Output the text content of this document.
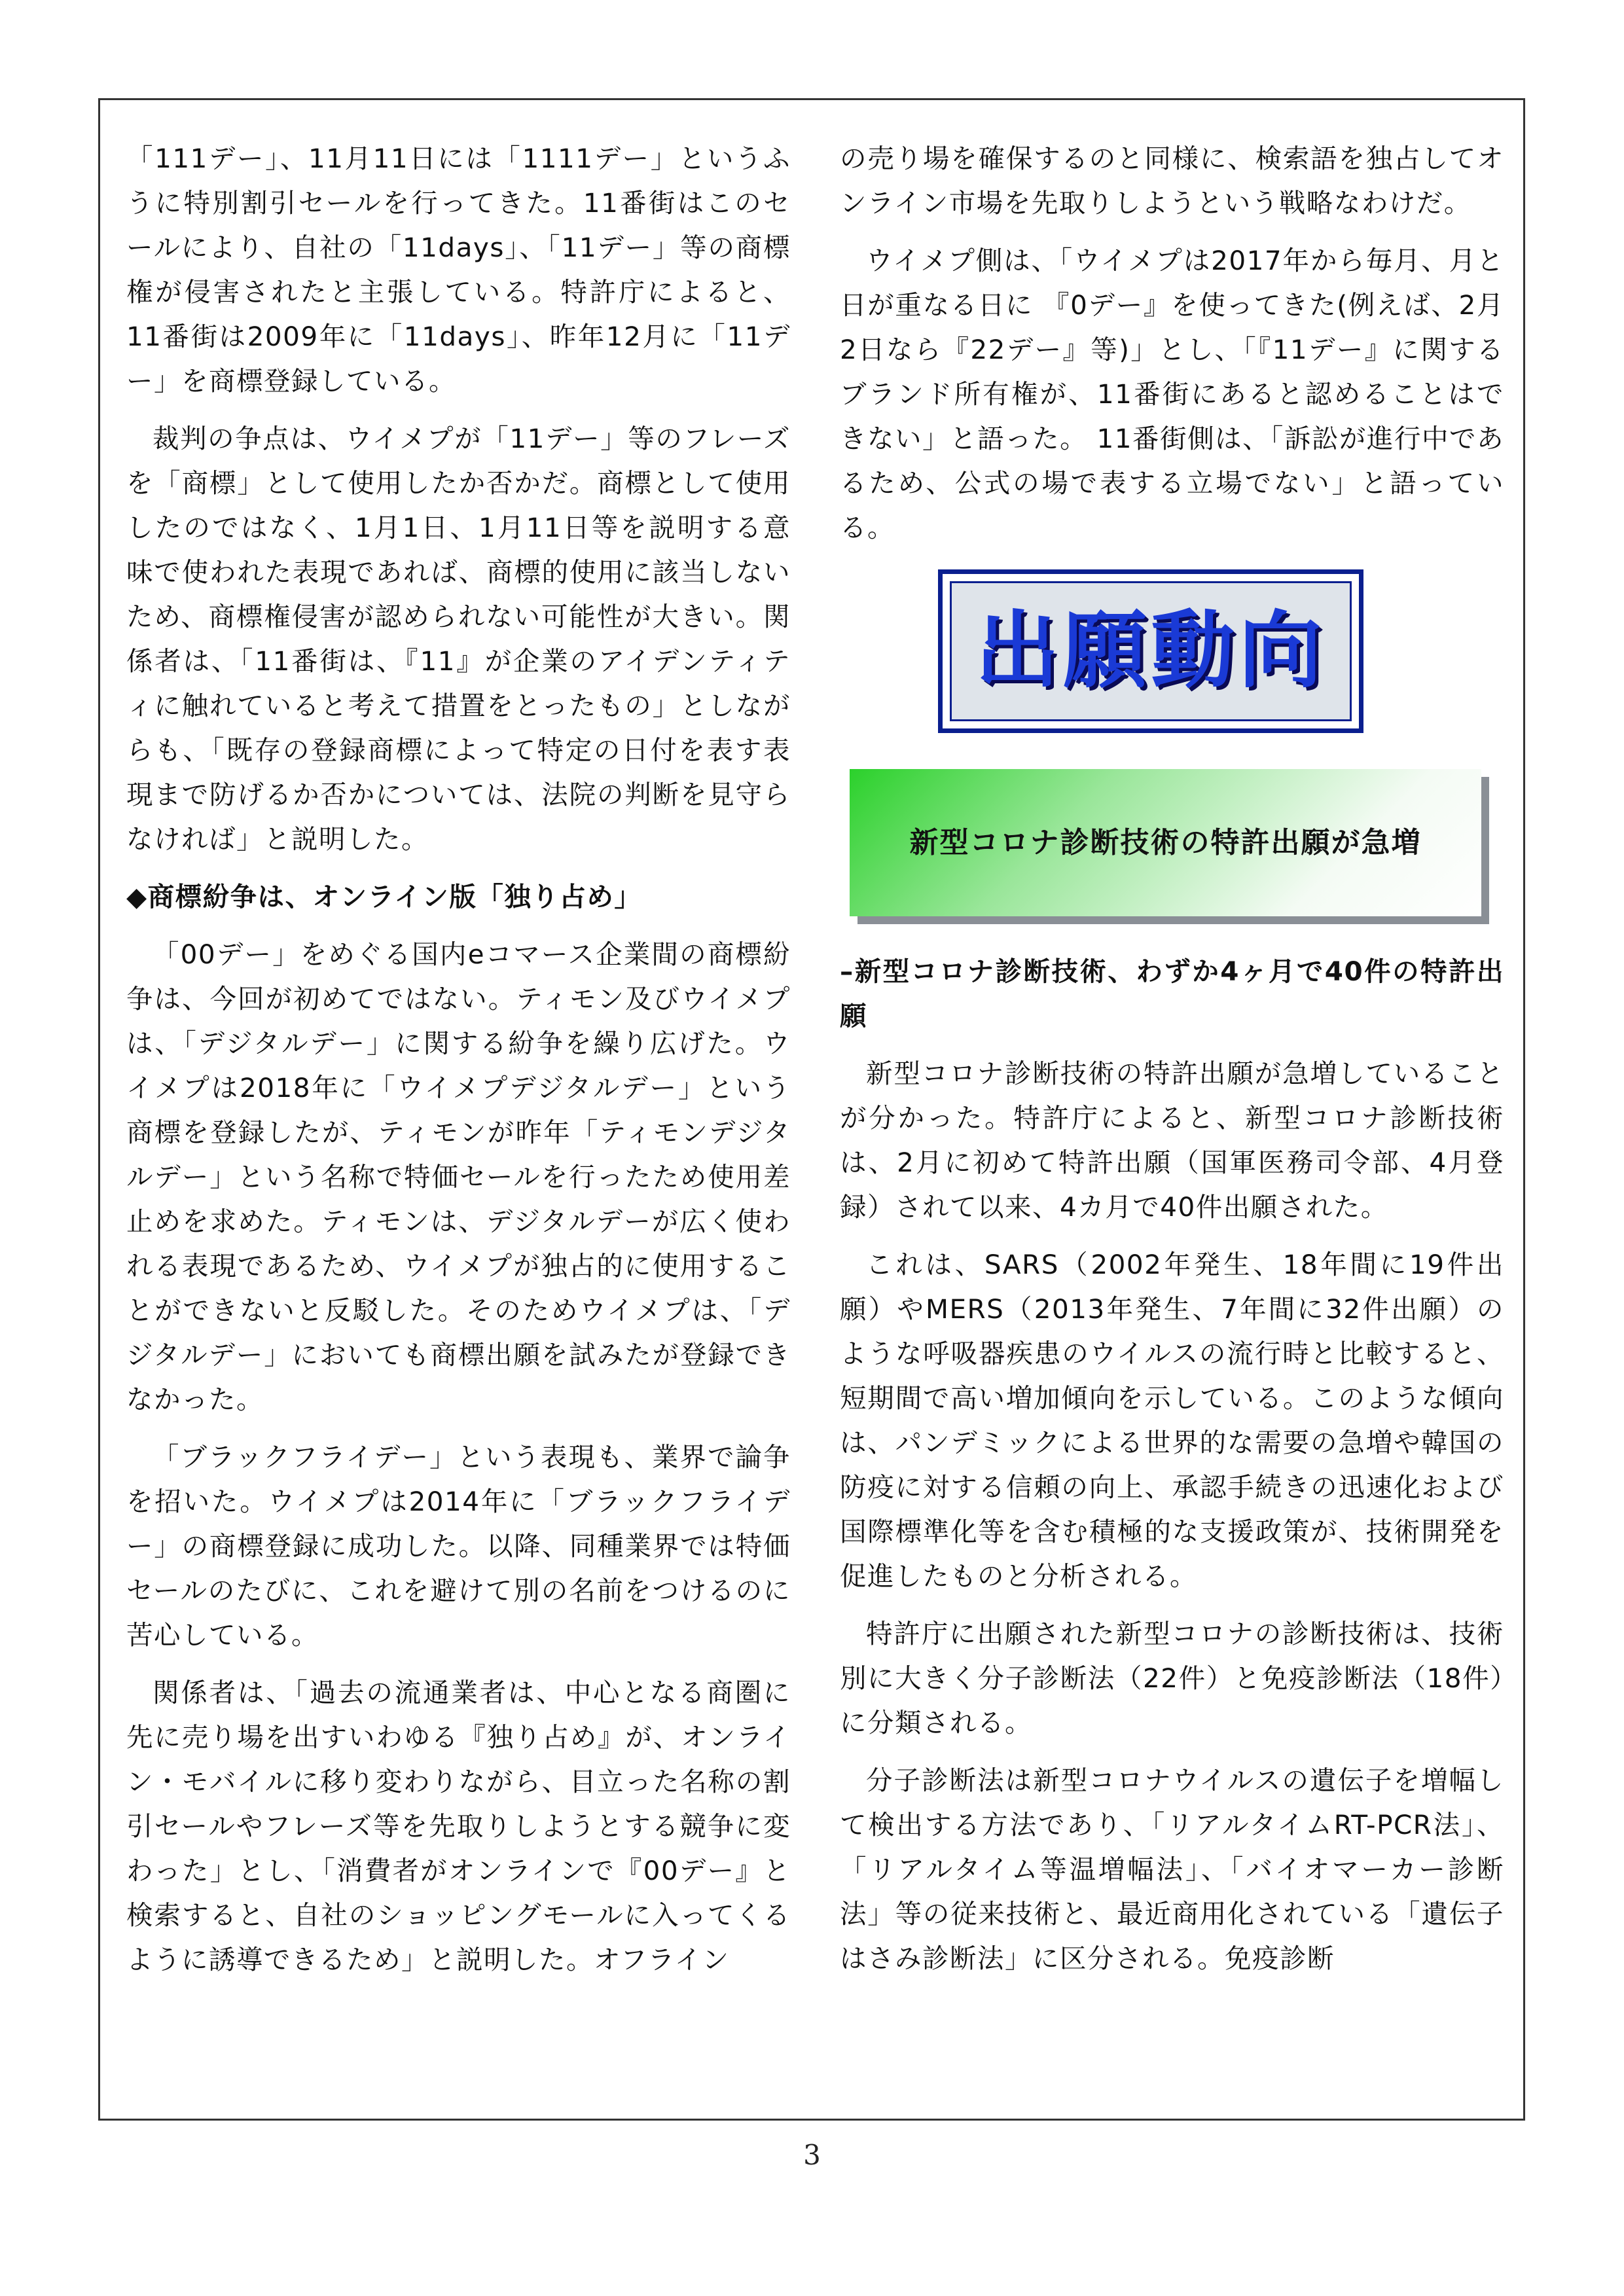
「111デー」、11月11日には「1111デー」というふうに特別割引セールを行ってきた。11番街はこのセールにより、自社の「11days」、「11デー」等の商標権が侵害されたと主張している。特許庁によると、11番街は2009年に「11days」、昨年12月に「11デー」を商標登録している。

裁判の争点は、ウイメプが「11デー」等のフレーズを「商標」として使用したか否かだ。商標として使用したのではなく、1月1日、1月11日等を説明する意味で使われた表現であれば、商標的使用に該当しないため、商標権侵害が認められない可能性が大きい。関係者は、「11番街は、『11』が企業のアイデンティティに触れていると考えて措置をとったもの」としながらも、「既存の登録商標によって特定の日付を表す表現まで防げるか否かについては、法院の判断を見守らなければ」と説明した。

◆商標紛争は、オンライン版「独り占め」

「00デー」をめぐる国内eコマース企業間の商標紛争は、今回が初めてではない。ティモン及びウイメプは、「デジタルデー」に関する紛争を繰り広げた。ウイメプは2018年に「ウイメプデジタルデー」という商標を登録したが、ティモンが昨年「ティモンデジタルデー」という名称で特価セールを行ったため使用差止めを求めた。ティモンは、デジタルデーが広く使われる表現であるため、ウイメプが独占的に使用することができないと反駁した。そのためウイメプは、「デジタルデー」においても商標出願を試みたが登録できなかった。

「ブラックフライデー」という表現も、業界で論争を招いた。ウイメプは2014年に「ブラックフライデー」の商標登録に成功した。以降、同種業界では特価セールのたびに、これを避けて別の名前をつけるのに苦心している。

関係者は、「過去の流通業者は、中心となる商圏に先に売り場を出すいわゆる『独り占め』が、オンライン・モバイルに移り変わりながら、目立った名称の割引セールやフレーズ等を先取りしようとする競争に変わった」とし、「消費者がオンラインで『00デー』と検索すると、自社のショッピングモールに入ってくるように誘導できるため」と説明した。オフライン

の売り場を確保するのと同様に、検索語を独占してオンライン市場を先取りしようという戦略なわけだ。

ウイメプ側は、「ウイメプは2017年から毎月、月と日が重なる日に 『0デー』を使ってきた(例えば、2月2日なら『22デー』等)」とし、「『11デー』に関するブランド所有権が、11番街にあると認めることはできない」と語った。 11番街側は、「訴訟が進行中であるため、公式の場で表する立場でない」と語っている。

出願動向
新型コロナ診断技術の特許出願が急増

–新型コロナ診断技術、わずか4ヶ月で40件の特許出願

新型コロナ診断技術の特許出願が急増していることが分かった。特許庁によると、新型コロナ診断技術は、2月に初めて特許出願（国軍医務司令部、4月登録）されて以来、4カ月で40件出願された。

これは、SARS（2002年発生、18年間に19件出願）やMERS（2013年発生、7年間に32件出願）のような呼吸器疾患のウイルスの流行時と比較すると、短期間で高い増加傾向を示している。このような傾向は、パンデミックによる世界的な需要の急増や韓国の防疫に対する信頼の向上、承認手続きの迅速化および国際標準化等を含む積極的な支援政策が、技術開発を促進したものと分析される。

特許庁に出願された新型コロナの診断技術は、技術別に大きく分子診断法（22件）と免疫診断法（18件）に分類される。

分子診断法は新型コロナウイルスの遺伝子を増幅して検出する方法であり、「リアルタイムRT-PCR法」、「リアルタイム等温増幅法」、「バイオマーカー診断法」等の従来技術と、最近商用化されている「遺伝子はさみ診断法」に区分される。免疫診断

3
